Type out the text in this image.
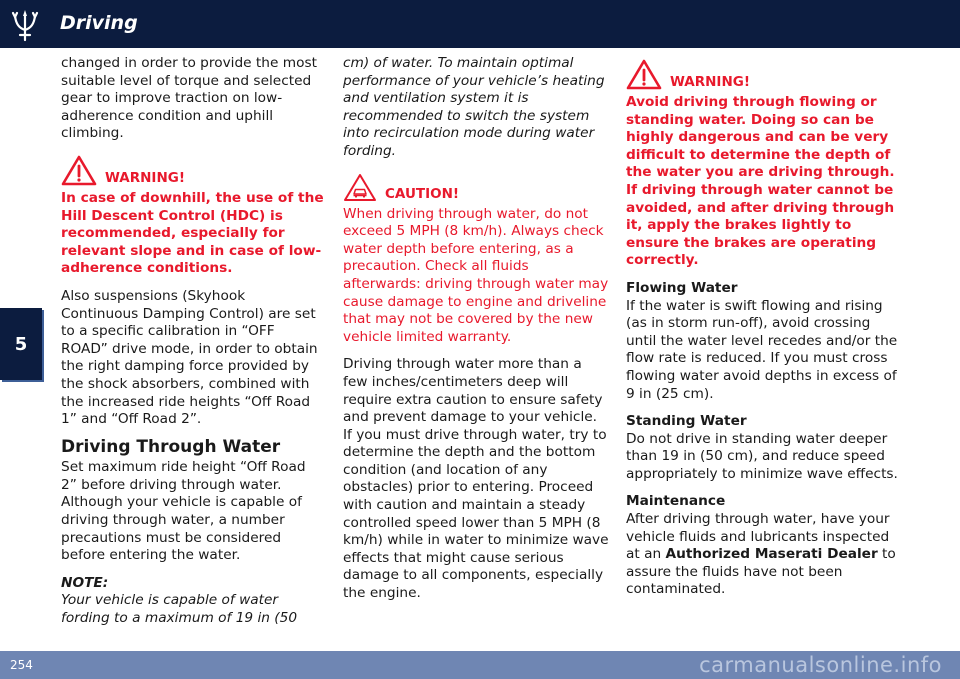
Driving
5

changed in order to provide the most suitable level of torque and selected gear to improve traction on low-adherence condition and uphill climbing.

WARNING!

In case of downhill, the use of the Hill Descent Control (HDC) is recommended, especially for relevant slope and in case of low-adherence conditions.

Also suspensions (Skyhook Continuous Damping Control) are set to a specific calibration in “OFF ROAD” drive mode, in order to obtain the right damping force provided by the shock absorbers, combined with the increased ride heights “Off Road 1” and “Off Road 2”.

Driving Through Water

Set maximum ride height “Off Road 2” before driving through water. Although your vehicle is capable of driving through water, a number precautions must be considered before entering the water.

NOTE:

Your vehicle is capable of water fording to a maximum of 19 in (50

cm) of water. To maintain optimal performance of your vehicle’s heating and ventilation system it is recommended to switch the system into recirculation mode during water fording.

CAUTION!

When driving through water, do not exceed 5 MPH (8 km/h). Always check water depth before entering, as a precaution. Check all fluids afterwards: driving through water may cause damage to engine and driveline that may not be covered by the new vehicle limited warranty.

Driving through water more than a few inches/centimeters deep will require extra caution to ensure safety and prevent damage to your vehicle. If you must drive through water, try to determine the depth and the bottom condition (and location of any obstacles) prior to entering. Proceed with caution and maintain a steady controlled speed lower than 5 MPH (8 km/h) while in water to minimize wave effects that might cause serious damage to all components, especially the engine.

WARNING!

Avoid driving through flowing or standing water. Doing so can be highly dangerous and can be very difficult to determine the depth of the water you are driving through. If driving through water cannot be avoided, and after driving through it, apply the brakes lightly to ensure the brakes are operating correctly.

Flowing Water

If the water is swift flowing and rising (as in storm run-off), avoid crossing until the water level recedes and/or the flow rate is reduced. If you must cross flowing water avoid depths in excess of 9 in (25 cm).

Standing Water

Do not drive in standing water deeper than 19 in (50 cm), and reduce speed appropriately to minimize wave effects.

Maintenance

After driving through water, have your vehicle fluids and lubricants inspected at an Authorized Maserati Dealer to assure the fluids have not been contaminated.

254	carmanualsonline.info
